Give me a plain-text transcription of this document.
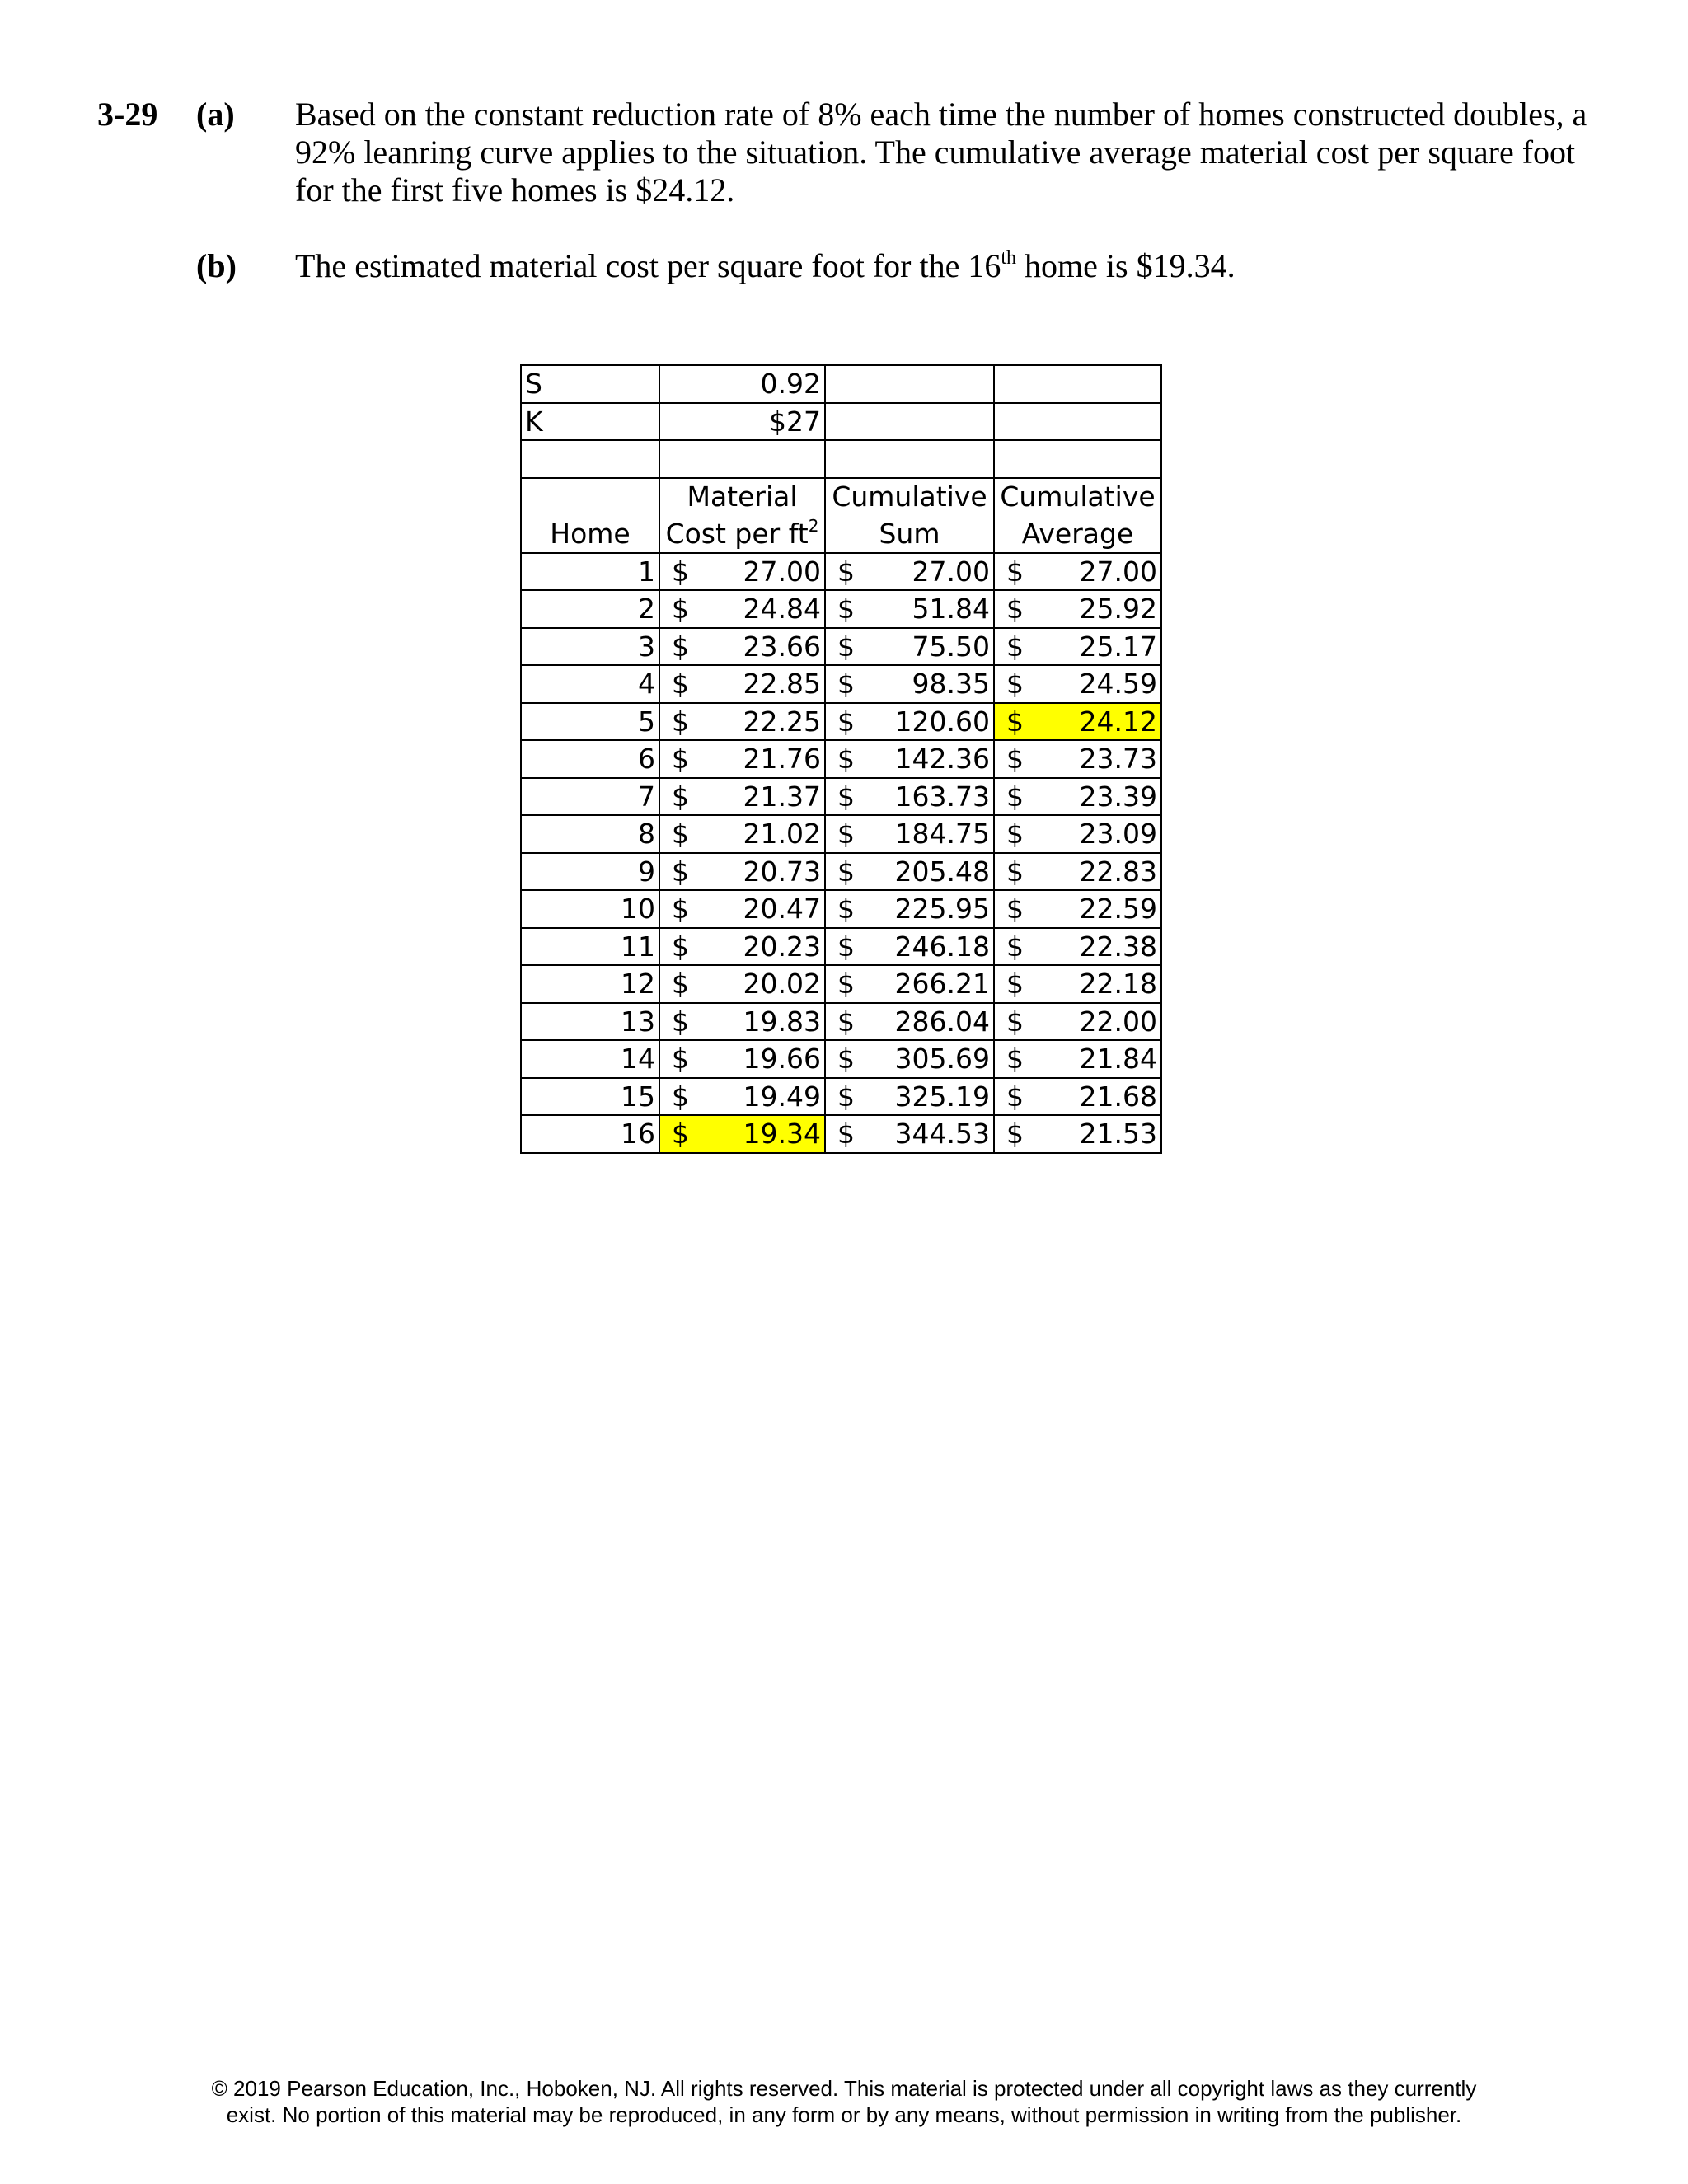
3-29 (a) Based on the constant reduction rate of 8% each time the number of homes constructed doubles, a 92% leanring curve applies to the situation. The cumulative average material cost per square foot for the first five homes is $24.12.
(b) The estimated material cost per square foot for the 16th home is $19.34.
S	0.92		
K	$27		

	Material	Cumulative	Cumulative
Home	Cost per $ft^2$	Sum	Average
1	$ 27.00	$ 27.00	$ 27.00

2	$ 24.84	$ 51.84	$ 25.92

3	$ 23.66	$ 75.50	$ 25.17

4	$ 22.85	$ 98.35	$ 24.59

5	$ 22.25	$ 120.60	$ 24.12

6	$ 21.76	$ 142.36	$ 23.73

7	$ 21.37	$ 163.73	$ 23.39

8	$ 21.02	$ 184.75	$ 23.09

9	$ 20.73	$ 205.48	$ 22.83

10	$ 20.47	$ 225.95	$ 22.59

11	$ 20.23	$ 246.18	$ 22.38

12	$ 20.02	$ 266.21	$ 22.18

13	$ 19.83	$ 286.04	$ 22.00

14	$ 19.66	$ 305.69	$ 21.84

15	$ 19.49	$ 325.19	$ 21.68

16	$ 19.34	$ 344.53	$ 21.53
© 2019 Pearson Education, Inc., Hoboken, NJ. All rights reserved. This material is protected under all copyright laws as they currently
exist. No portion of this material may be reproduced, in any form or by any means, without permission in writing from the publisher.
